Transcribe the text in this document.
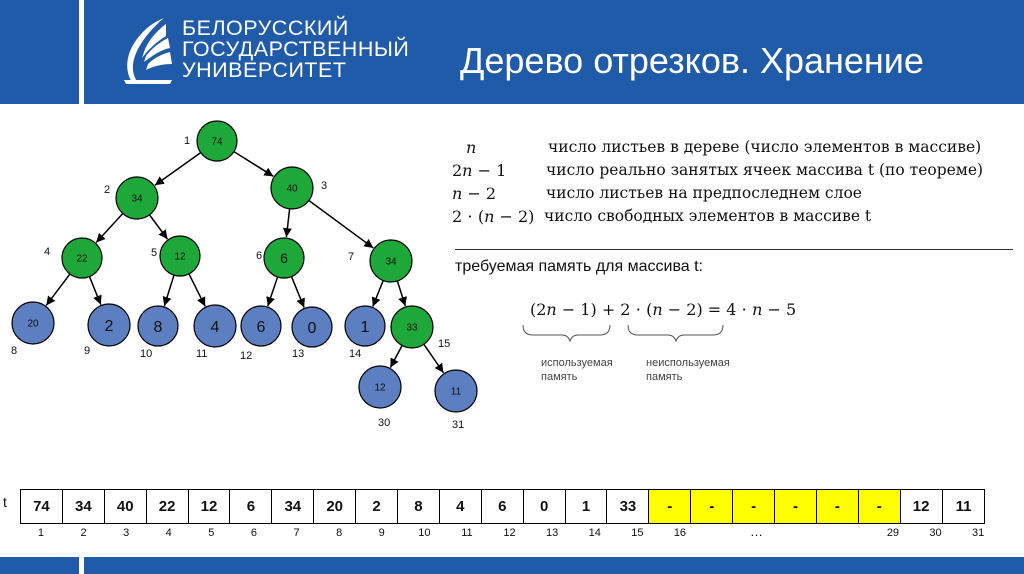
БЕЛОРУССКИЙ
ГОСУДАРСТВЕННЫЙ
УНИВЕРСИТЕТ	Дерево отрезков. Хранение
74
1
34
2	40 3
22
4	12
5	6
6
34
7
20
8
2
9
8
10
4
11
6
12
0
13
1
14
33
15
12
30
11
31
𝑛	число листьев в дереве (число элементов в массиве)
2𝑛 − 1	число реально занятых ячеек массива t (по теореме)
𝑛 − 2	число листьев на предпоследнем слое
2 ⋅ (𝑛 − 2) число свободных элементов в массиве t
требуемая память для массива t:
(2𝑛 − 1) + 2 ⋅ (𝑛 − 2) = 4 ⋅ 𝑛 − 5
используемая
память
неиспользуемая
память
t	74	34	40	22	12	6	34	20	2	8	4	6	0	1	33	-	-	-	-	-	-	12	11
1	2	3	4	5	6	7	8	9	10	11	12	13	14	15	16	29	30	31
…
